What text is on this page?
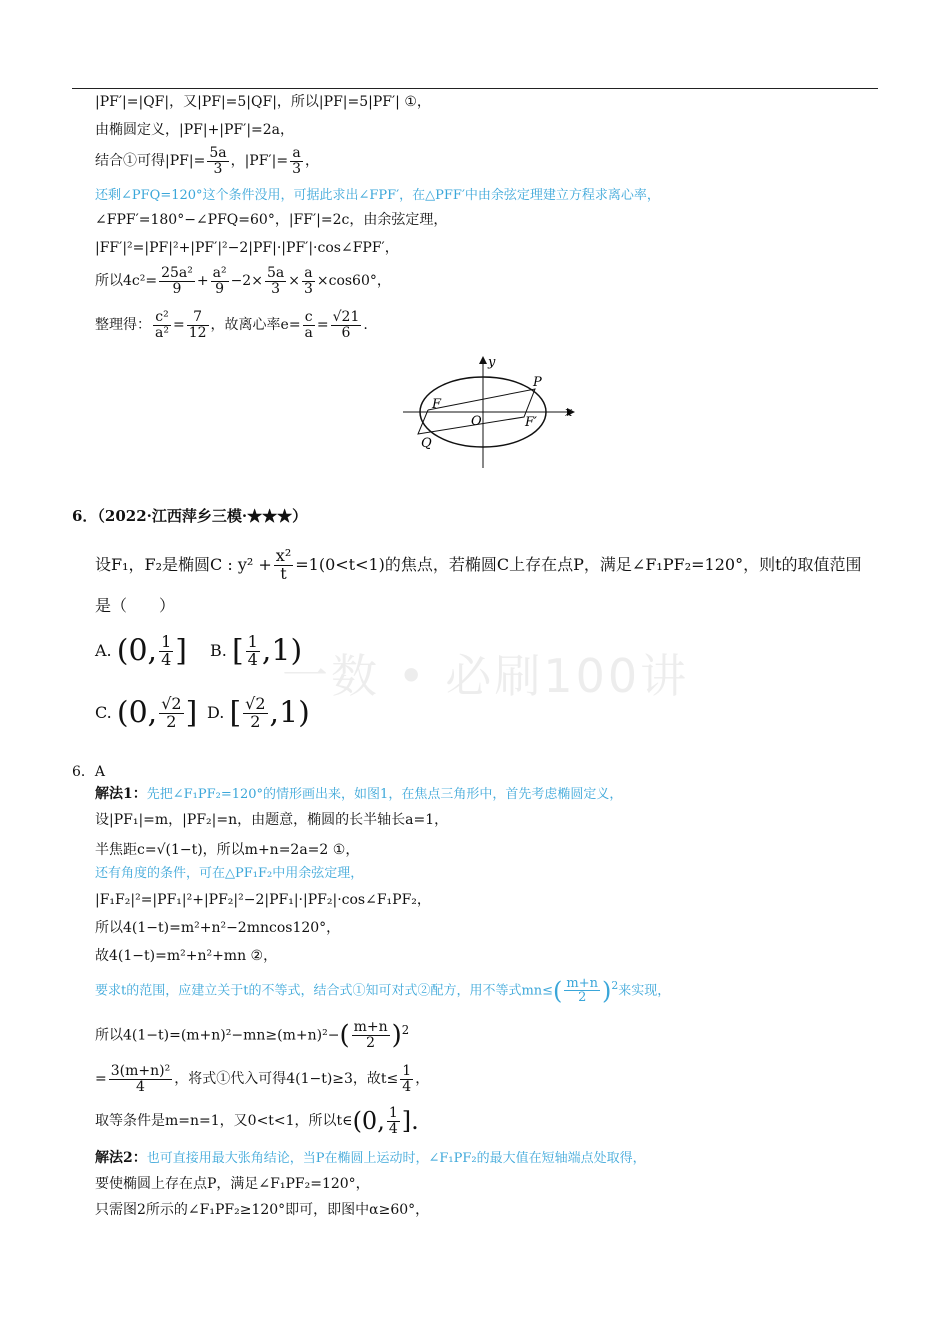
|PF′|=|QF|，又|PF|=5|QF|，所以|PF|=5|PF′| ①，
由椭圆定义，|PF|+|PF′|=2a，
结合①可得$|PF|= \frac{5a}{3}$ ，$|PF'|= \frac{a}{3}$ ，
还剩∠PFQ=120°这个条件没用，可据此求出∠FPF′，在△PFF′中由余弦定理建立方程求离心率，
∠FPF′=180°−∠PFQ=60°，|FF′|=2c，由余弦定理，
|FF′|²=|PF|²+|PF′|²−2|PF|·|PF′|·cos∠FPF′，
所以$4c^2= \frac{\text{25a²}}{9} + \frac{\text{a²}}{9} -2\times \frac{5a}{3} \times \frac{a}{3} \times\cos 60^\circ$，
整理得： $\frac{\text{c²}}{\text{a²}} = \frac{7}{12}$ ，故离心率$e= \frac{c}{a} = \frac{√21}{6}$ .
y
x
P
F
O	F′
Q
6．（2022·江西萍乡三模·★★★）
设F₁，F₂是椭圆C : $y^2 + \frac{\text{x²}}{t} =1(0<t<1)$的焦点，若椭圆C上存在点P，满足∠F₁PF₂=120°，则t的取值范围
是（　　）
A. (0, $\frac{1}{4}$ ] B. [ $\frac{1}{4} ,1$)
C. (0, $\frac{√2}{2}$ ] D. [ $\frac{√2}{2} ,1$)
一数 • 必刷100讲
6．A
解法1：先把∠F₁PF₂=120°的情形画出来，如图1，在焦点三角形中，首先考虑椭圆定义，
设|PF₁|=m，|PF₂|=n，由题意，椭圆的长半轴长a=1，
半焦距c=√(1−t)，所以m+n=2a=2 ①，
还有角度的条件，可在△PF₁F₂中用余弦定理，
|F₁F₂|²=|PF₁|²+|PF₂|²−2|PF₁|·|PF₂|·cos∠F₁PF₂，
所以4(1−t)=m²+n²−2mncos120°，
故4(1−t)=m²+n²+mn ②，
要求t的范围，应建立关于t的不等式，结合式①知可对式②配方，用不等式$mn\le( \frac{m+n}{2} )^2$来实现，
所以$4(1-t)=(m+n)^2-mn\ge(m+n)^2-( \frac{m+n}{2} )^2$
= $\frac{\text{3(m+n)²}}{4}$ ，将式①代入可得4(1−t)≥3，故$t\le \frac{1}{4}$ ，
取等条件是m=n=1，又0<t<1，所以t∈(0, $\frac{1}{4}$ ].
解法2：也可直接用最大张角结论，当P在椭圆上运动时，∠F₁PF₂的最大值在短轴端点处取得，
要使椭圆上存在点P，满足∠F₁PF₂=120°，
只需图2所示的∠F₁PF₂≥120°即可，即图中α≥60°，
